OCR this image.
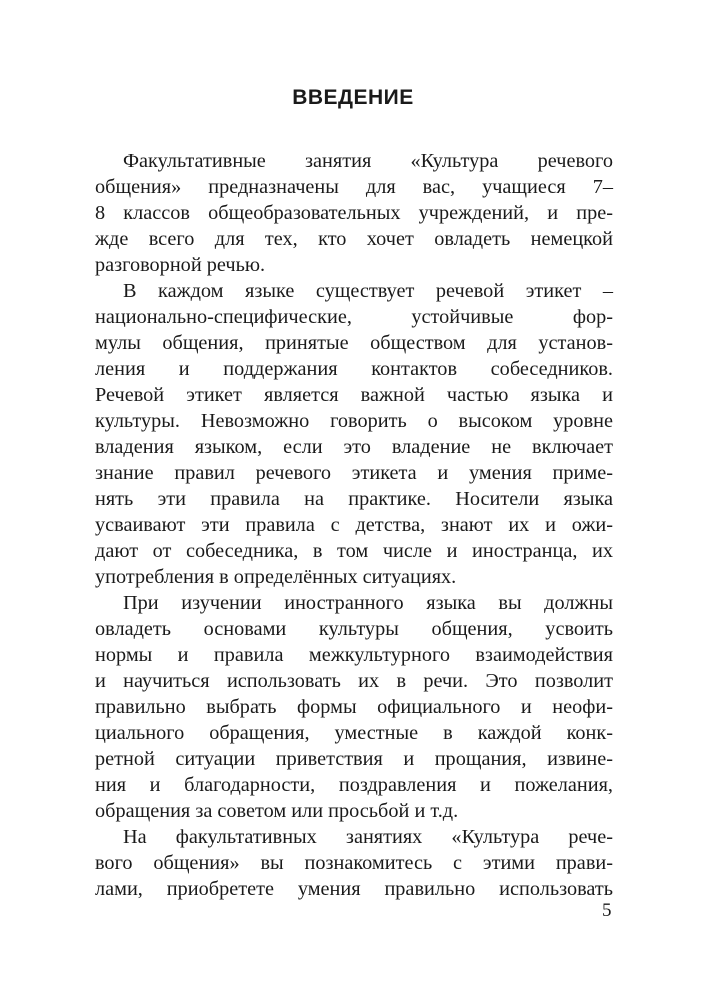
ВВЕДЕНИЕ
Факультативные занятия «Культура речевого
общения» предназначены для вас, учащиеся 7–
8 классов общеобразовательных учреждений, и пре-
жде всего для тех, кто хочет овладеть немецкой
разговорной речью.
В каждом языке существует речевой этикет –
национально-специфические, устойчивые фор-
мулы общения, принятые обществом для установ-
ления и поддержания контактов собеседников.
Речевой этикет является важной частью языка и
культуры. Невозможно говорить о высоком уровне
владения языком, если это владение не включает
знание правил речевого этикета и умения приме-
нять эти правила на практике. Носители языка
усваивают эти правила с детства, знают их и ожи-
дают от собеседника, в том числе и иностранца, их
употребления в определённых ситуациях.
При изучении иностранного языка вы должны
овладеть основами культуры общения, усвоить
нормы и правила межкультурного взаимодействия
и научиться использовать их в речи. Это позволит
правильно выбрать формы официального и неофи-
циального обращения, уместные в каждой конк-
ретной ситуации приветствия и прощания, извине-
ния и благодарности, поздравления и пожелания,
обращения за советом или просьбой и т.д.
На факультативных занятиях «Культура рече-
вого общения» вы познакомитесь с этими прави-
лами, приобретете умения правильно использовать
5
